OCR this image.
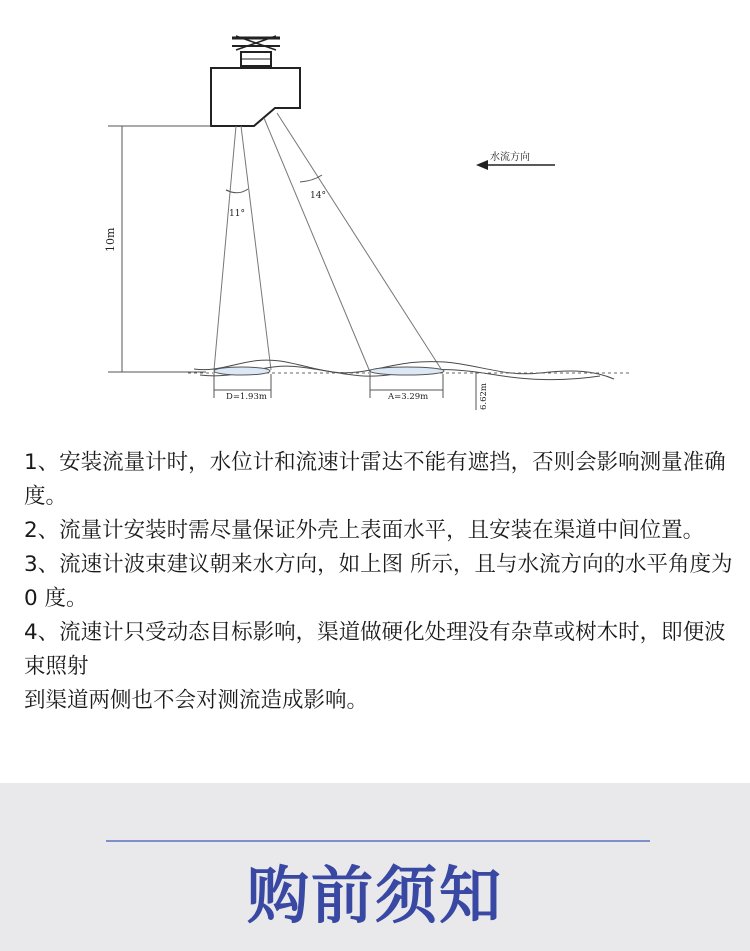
10m
11°
14°
水流方向
D=1.93m	A=3.29m	6.62m

1、安装流量计时，水位计和流速计雷达不能有遮挡，否则会影响测量准确度。

2、流量计安装时需尽量保证外壳上表面水平，且安装在渠道中间位置。

3、流速计波束建议朝来水方向，如上图 所示，且与水流方向的水平角度为 0 度。

4、流速计只受动态目标影响，渠道做硬化处理没有杂草或树木时，即便波束照射

到渠道两侧也不会对测流造成影响。

购前须知
